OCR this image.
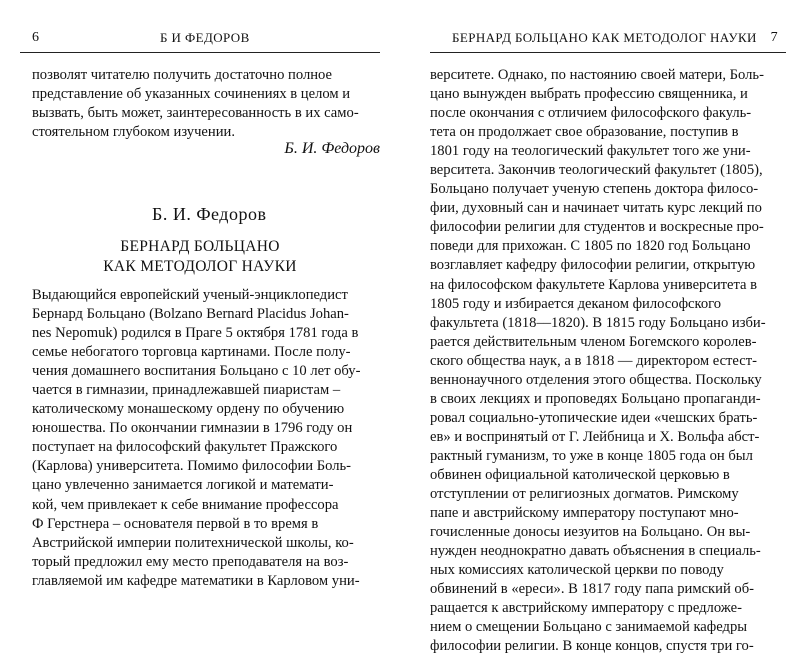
6	Б И ФЕДОРОВ
позволят читателю получить достаточно полное
представление об указанных сочинениях в целом и
вызвать, быть может, заинтересованность в их само-
стоятельном глубоком изучении.
Б. И. Федоров
Б. И. Федоров
БЕРНАРД БОЛЬЦАНО
КАК МЕТОДОЛОГ НАУКИ
Выдающийся европейский ученый-энциклопедист
Бернард Больцано (Bolzano Bernard Placidus Johan-
nes Nepomuk) родился в Праге 5 октября 1781 года в
семье небогатого торговца картинами. После полу-
чения домашнего воспитания Больцано с 10 лет обу-
чается в гимназии, принадлежавшей пиаристам –
католическому монашескому ордену по обучению
юношества. По окончании гимназии в 1796 году он
поступает на философский факультет Пражского
(Карлова) университета. Помимо философии Боль-
цано увлеченно занимается логикой и математи-
кой, чем привлекает к себе внимание профессора
Ф Герстнера – основателя первой в то время в
Австрийской империи политехнической школы, ко-
торый предложил ему место преподавателя на воз-
главляемой им кафедре математики в Карловом уни-
БЕРНАРД БОЛЬЦАНО КАК МЕТОДОЛОГ НАУКИ 7
верситете. Однако, по настоянию своей матери, Боль-
цано вынужден выбрать профессию священника, и
после окончания с отличием философского факуль-
тета он продолжает свое образование, поступив в
1801 году на теологический факультет того же уни-
верситета. Закончив теологический факультет (1805),
Больцано получает ученую степень доктора филосо-
фии, духовный сан и начинает читать курс лекций по
философии религии для студентов и воскресные про-
поведи для прихожан. С 1805 по 1820 год Больцано
возглавляет кафедру философии религии, открытую
на философском факультете Карлова университета в
1805 году и избирается деканом философского
факультета (1818––1820). В 1815 году Больцано изби-
рается действительным членом Богемского королев-
ского общества наук, а в 1818 — директором естест-
веннонаучного отделения этого общества. Поскольку
в своих лекциях и проповедях Больцано пропаганди-
ровал социально-утопические идеи «чешских брать-
ев» и воспринятый от Г. Лейбница и Х. Вольфа абст-
рактный гуманизм, то уже в конце 1805 года он был
обвинен официальной католической церковью в
отступлении от религиозных догматов. Римскому
папе и австрийскому императору поступают мно-
гочисленные доносы иезуитов на Больцано. Он вы-
нужден неоднократно давать объяснения в специаль-
ных комиссиях католической церкви по поводу
обвинений в «ереси». В 1817 году папа римский об-
ращается к австрийскому императору с предложе-
нием о смещении Больцано с занимаемой кафедры
философии религии. В конце концов, спустя три го-
